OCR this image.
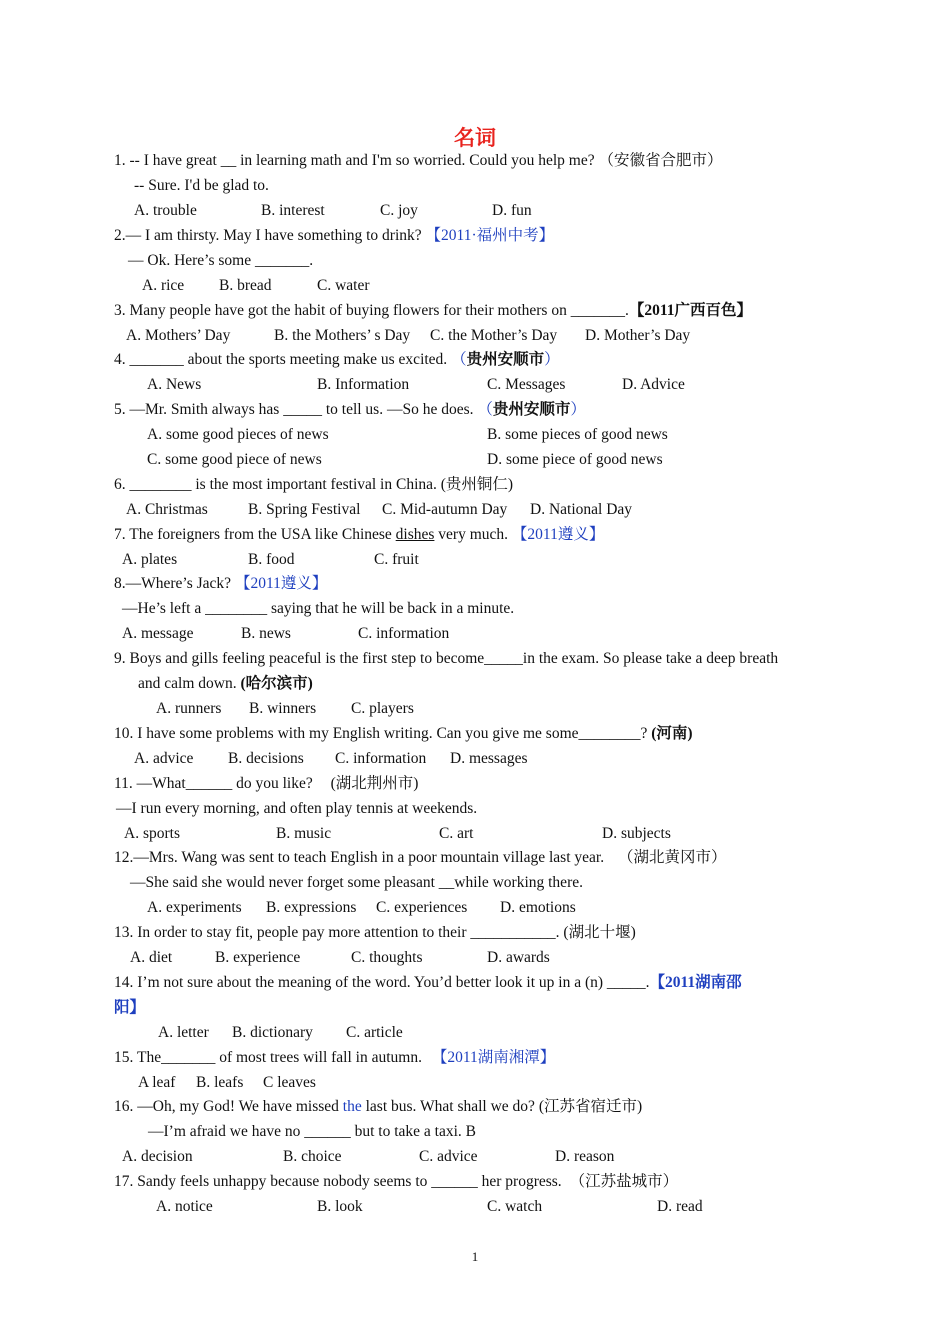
名词
1. -- I have great __ in learning math and I'm so worried. Could you help me? （安徽省合肥市）
-- Sure. I'd be glad to.
A. trouble	B. interest	C. joy	D. fun
2.— I am thirsty. May I have something to drink? 【2011·福州中考】
— Ok. Here’s some _______.
A. rice B. bread	C. water
3. Many people have got the habit of buying flowers for their mothers on _______.【2011广西百色】
A. Mothers’ Day	B. the Mothers’ s Day C. the Mother’s Day D. Mother’s Day
4. _______ about the sports meeting make us excited. （贵州安顺市）
A. News	B. Information	C. Messages	D. Advice
5. —Mr. Smith always has _____ to tell us. —So he does. （贵州安顺市）
A. some good pieces of news	B. some pieces of good news
C. some good piece of news	D. some piece of good news
6. ________ is the most important festival in China. (贵州铜仁)
A. Christmas	B. Spring Festival C. Mid-autumn Day D. National Day
7. The foreigners from the USA like Chinese dishes very much. 【2011遵义】
A. plates	B. food	C. fruit
8.—Where’s Jack? 【2011遵义】
—He’s left a ________ saying that he will be back in a minute.
A. message	B. news	C. information
9. Boys and gills feeling peaceful is the first step to become_____in the exam. So please take a deep breath
and calm down. (哈尔滨市)
A. runners B. winners C. players
10. I have some problems with my English writing. Can you give me some________? (河南)
A. advice B. decisions C. information D. messages
11. —What______ do you like? (湖北荆州市)
—I run every morning, and often play tennis at weekends.
A. sports	B. music	C. art	D. subjects
12.—Mrs. Wang was sent to teach English in a poor mountain village last year. （湖北黄冈市）
—She said she would never forget some pleasant __while working there.
A. experiments B. expressions C. experiences D. emotions
13. In order to stay fit, people pay more attention to their ___________. (湖北十堰)
A. diet	B. experience	C. thoughts	D. awards
14. I’m not sure about the meaning of the word. You’d better look it up in a (n) _____.【2011湖南邵
阳】
A. letter B. dictionary C. article
15. The_______ of most trees will fall in autumn. 【2011湖南湘潭】
A leaf B. leafs C leaves
16. —Oh, my God! We have missed the last bus. What shall we do? (江苏省宿迁市)
—I’m afraid we have no ______ but to take a taxi. B
A. decision	B. choice	C. advice	D. reason
17. Sandy feels unhappy because nobody seems to ______ her progress. （江苏盐城市）
A. notice	B. look	C. watch	D. read
1
